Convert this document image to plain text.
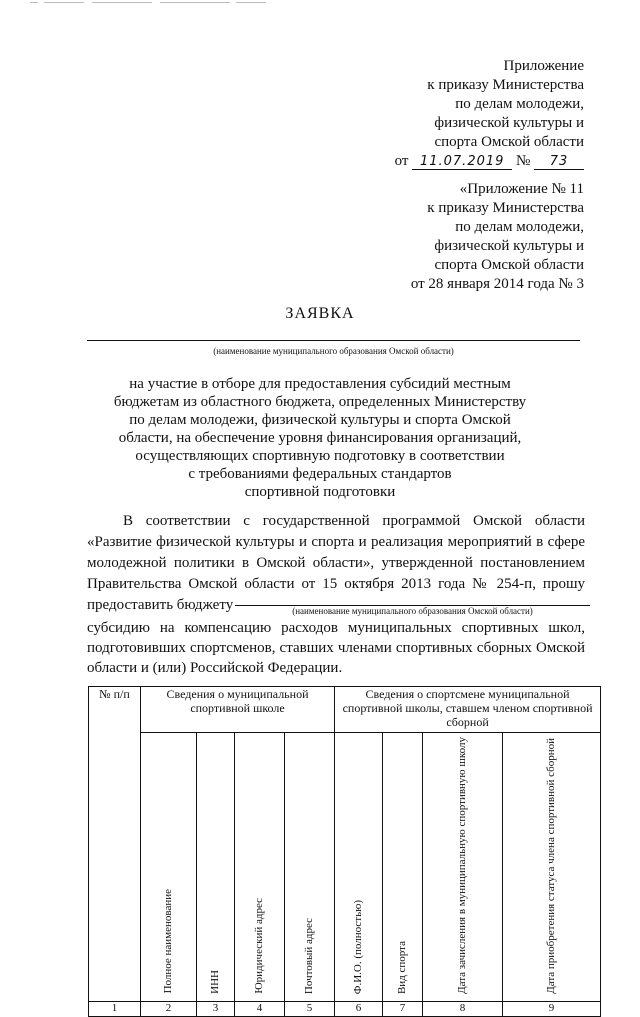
Приложение
к приказу Министерства
по делам молодежи,
физической культуры и
спорта Омской области
от 11.07.2019 № 73
«Приложение № 11
к приказу Министерства
по делам молодежи,
физической культуры и
спорта Омской области
от 28 января 2014 года № 3
ЗАЯВКА
(наименование муниципального образования Омской области)
на участие в отборе для предоставления субсидий местным
бюджетам из областного бюджета, определенных Министерству
по делам молодежи, физической культуры и спорта Омской
области, на обеспечение уровня финансирования организаций,
осуществляющих спортивную подготовку в соответствии
с требованиями федеральных стандартов
спортивной подготовки
В соответствии с государственной программой Омской области
«Развитие физической культуры и спорта и реализация мероприятий в сфере
молодежной политики в Омской области», утвержденной постановлением
Правительства Омской области от 15 октября 2013 года № 254-п, прошу
предоставить бюджету	(наименование муниципального образования Омской области)
субсидию на компенсацию расходов муниципальных спортивных школ,
подготовивших спортсменов, ставших членами спортивных сборных Омской
области и (или) Российской Федерации.
№ п/п	Сведения о муниципальной спортивной школе				Сведения о спортсмене муниципальной спортивной школы, ставшем членом спортивной сборной			
	Полное наименование	ИНН	Юридический адрес	Почтовый адрес	Ф.И.О. (полностью)	Вид спорта	Дата зачисления в муниципальную спортивную школу	Дата приобретения статуса члена спортивной сборной
1	2	3	4	5	6	7	8	9
